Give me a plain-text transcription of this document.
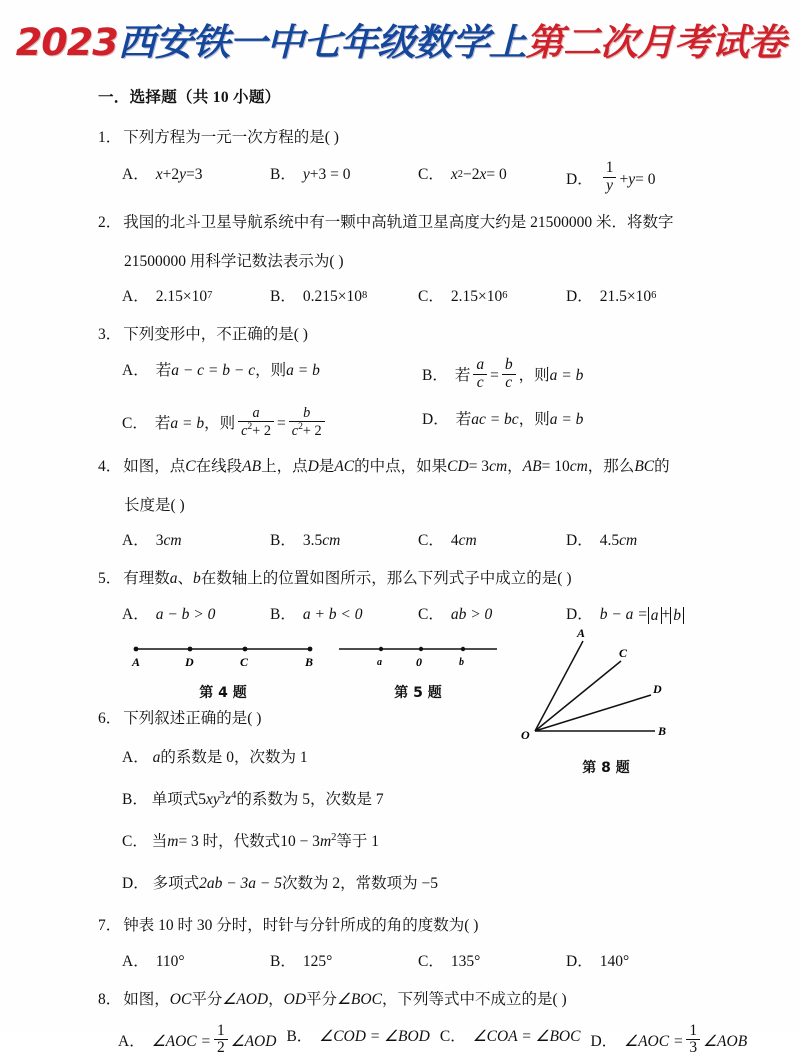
2023西安铁一中七年级数学上第二次月考试卷
一．选择题（共 10 小题）
1． 下列方程为一元一次方程的是( )
A． x +2 y =3	B． y +3 = 0	C． x 2 −2 x = 0	D． $\frac{1}{y} + y = 0$
2． 我国的北斗卫星导航系统中有一颗中高轨道卫星高度大约是 21500000 米．将数字
21500000 用科学记数法表示为( )
A． 2.15×10 7	B． 0.215×10 8	C． 2.15×10 6	D． 21.5×10 6
3． 下列变形中，不正确的是( )
A． 若 a − c = b − c ，则 a = b	B． 若 $\frac{a}{c} = \frac{b}{c}$ ，则 a = b
C． 若 a = b ，则 $\frac{a}{c^2+ 2} = \frac{b}{c^2+ 2}$	D． 若 ac = bc ，则 a = b
4． 如图，点C在线段AB上，点D是AC的中点，如果CD= 3cm，AB= 10cm，那么BC的
长度是( )
A． 3 cm	B． 3.5 cm	C． 4 cm	D． 4.5 cm
5． 有理数a、b在数轴上的位置如图所示，那么下列式子中成立的是( )
A． a − b > 0	B． a + b < 0	C． ab > 0	D． b − a = a + b
A	D	C	B
第 4 题
a	0	b
第 5 题
A
C
D
B
O
第 8 题
6． 下列叙述正确的是( )
A． a的系数是 0，次数为 1
B． 单项式$5xy^3z^4$的系数为 5，次数是 7
C． 当m= 3 时，代数式$10 - 3m^2$等于 1
D． 多项式2ab − 3a − 5次数为 2，常数项为 −5
7． 钟表 10 时 30 分时，时针与分针所成的角的度数为( )
A． 110°	B． 125°	C． 135°	D． 140°
8． 如图，OC平分∠AOD，OD平分∠BOC，下列等式中不成立的是( )
A． ∠AOC = $\frac{1}{2}$ ∠AOD B． ∠COD = ∠BOD C． ∠COA = ∠BOC D． ∠AOC = $\frac{1}{3}$ ∠AOB
